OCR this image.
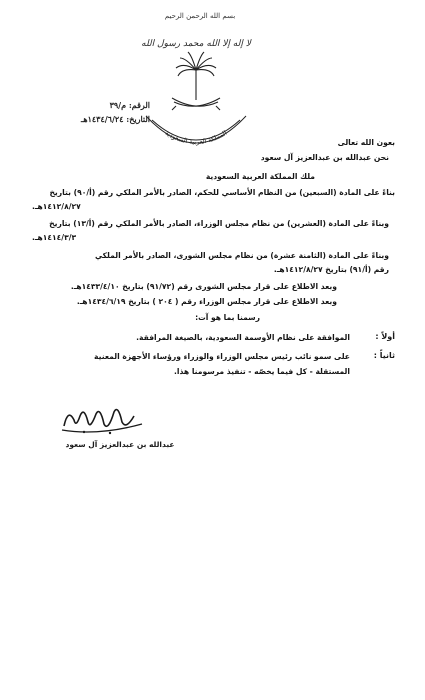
بسم الله الرحمن الرحيم
لا إله إلا الله محمد رسول الله
المملكة العربية السعودية
الرقم: م/٣٩
التاريخ: ١٤٣٤/٦/٢٤هـ
بعون الله تعالى
نحن عبدالله بن عبدالعزيز آل سعود
ملك المملكة العربية السعودية
بناءً على المادة (السبعين) من النظام الأساسي للحكم، الصادر بالأمر الملكي رقم (أ/٩٠) بتاريخ
١٤١٢/٨/٢٧هـ.
وبناءً على المادة (العشرين) من نظام مجلس الوزراء، الصادر بالأمر الملكي رقم (أ/١٣) بتاريخ
١٤١٤/٣/٣هـ.
وبناءً على المادة (الثامنة عشرة) من نظام مجلس الشورى، الصادر بالأمر الملكي
رقم (أ/٩١) بتاريخ ١٤١٢/٨/٢٧هـ.
وبعد الاطلاع على قرار مجلس الشورى رقم (٩١/٧٢) بتاريخ ١٤٣٣/٤/١٠هـ.
وبعد الاطلاع على قرار مجلس الوزراء رقم ( ٢٠٤ ) بتاريخ ١٤٣٤/٦/١٩هـ.
رسمنا بما هو آت:
أولاً :
الموافقة على نظام الأوسمة السعودية، بالصيغة المرافقة.
ثانياً :
على سمو نائب رئيس مجلس الوزراء والوزراء ورؤساء الأجهزة المعنية
المستقلة - كل فيما يخصّه - تنفيذ مرسومنا هذا.
عبدالله بن عبدالعزيز آل سعود
